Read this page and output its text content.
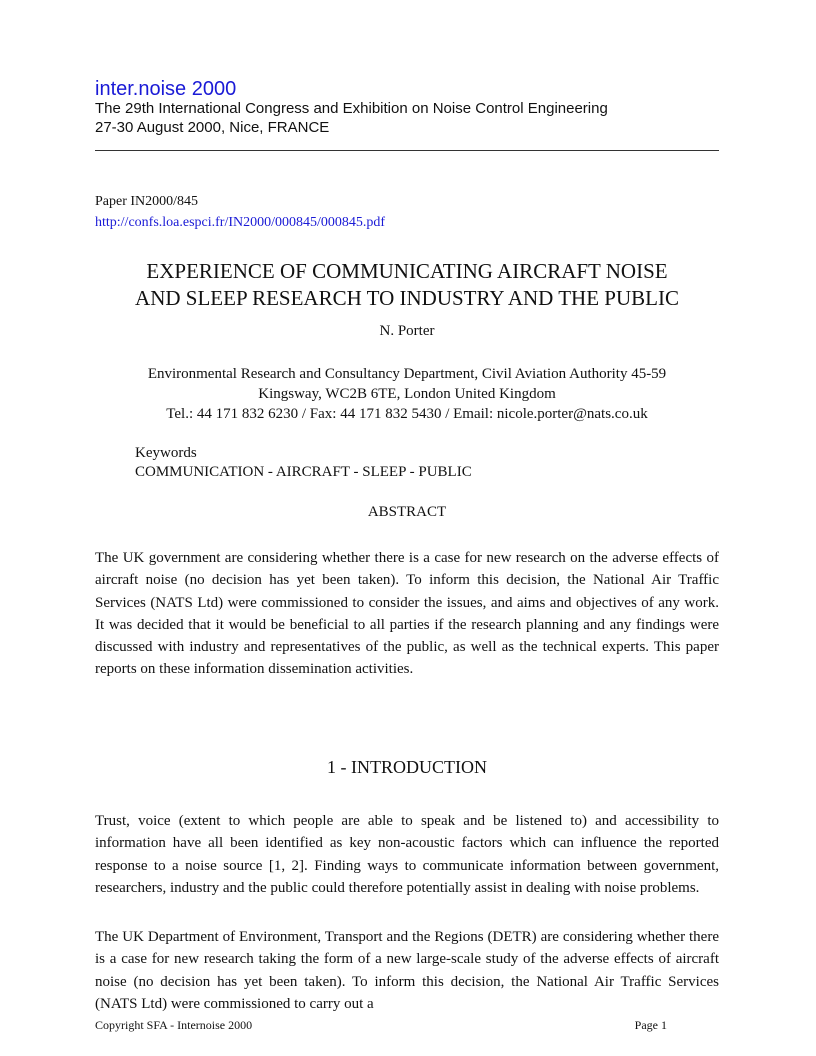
inter.noise 2000
The 29th International Congress and Exhibition on Noise Control Engineering
27-30 August 2000, Nice, FRANCE
Paper IN2000/845
http://confs.loa.espci.fr/IN2000/000845/000845.pdf
EXPERIENCE OF COMMUNICATING AIRCRAFT NOISE
AND SLEEP RESEARCH TO INDUSTRY AND THE PUBLIC
N. Porter
Environmental Research and Consultancy Department, Civil Aviation Authority 45-59
Kingsway, WC2B 6TE, London United Kingdom
Tel.: 44 171 832 6230 / Fax: 44 171 832 5430 / Email: nicole.porter@nats.co.uk
Keywords
COMMUNICATION - AIRCRAFT - SLEEP - PUBLIC
ABSTRACT

The UK government are considering whether there is a case for new research on the adverse effects of aircraft noise (no decision has yet been taken). To inform this decision, the National Air Traffic Services (NATS Ltd) were commissioned to consider the issues, and aims and objectives of any work. It was decided that it would be beneficial to all parties if the research planning and any findings were discussed with industry and representatives of the public, as well as the technical experts. This paper reports on these information dissemination activities.

1 - INTRODUCTION

Trust, voice (extent to which people are able to speak and be listened to) and accessibility to information have all been identified as key non-acoustic factors which can influence the reported response to a noise source [1, 2]. Finding ways to communicate information between government, researchers, industry and the public could therefore potentially assist in dealing with noise problems.

The UK Department of Environment, Transport and the Regions (DETR) are considering whether there is a case for new research taking the form of a new large-scale study of the adverse effects of aircraft noise (no decision has yet been taken). To inform this decision, the National Air Traffic Services (NATS Ltd) were commissioned to carry out a

Copyright SFA - Internoise 2000	Page 1
